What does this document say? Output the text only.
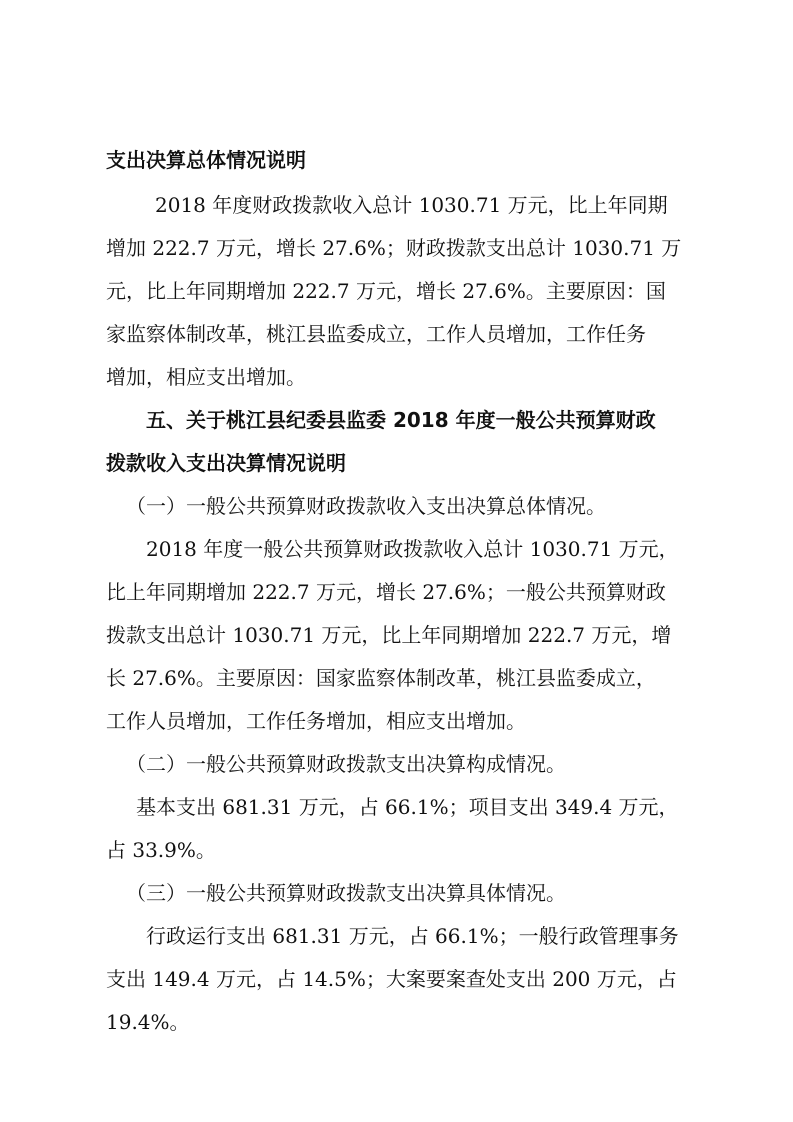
支出决算总体情况说明
2018 年度财政拨款收入总计 1030.71 万元，比上年同期
增加 222.7 万元，增长 27.6%；财政拨款支出总计 1030.71 万
元，比上年同期增加 222.7 万元，增长 27.6%。主要原因：国
家监察体制改革，桃江县监委成立，工作人员增加，工作任务
增加，相应支出增加。
五、关于桃江县纪委县监委 2018 年度一般公共预算财政
拨款收入支出决算情况说明
（一）一般公共预算财政拨款收入支出决算总体情况。
2018 年度一般公共预算财政拨款收入总计 1030.71 万元，
比上年同期增加 222.7 万元，增长 27.6%；一般公共预算财政
拨款支出总计 1030.71 万元，比上年同期增加 222.7 万元，增
长 27.6%。主要原因：国家监察体制改革，桃江县监委成立，
工作人员增加，工作任务增加，相应支出增加。
（二）一般公共预算财政拨款支出决算构成情况。
基本支出 681.31 万元，占 66.1%；项目支出 349.4 万元，
占 33.9%。
（三）一般公共预算财政拨款支出决算具体情况。
行政运行支出 681.31 万元，占 66.1%；一般行政管理事务
支出 149.4 万元，占 14.5%；大案要案查处支出 200 万元，占
19.4%。
